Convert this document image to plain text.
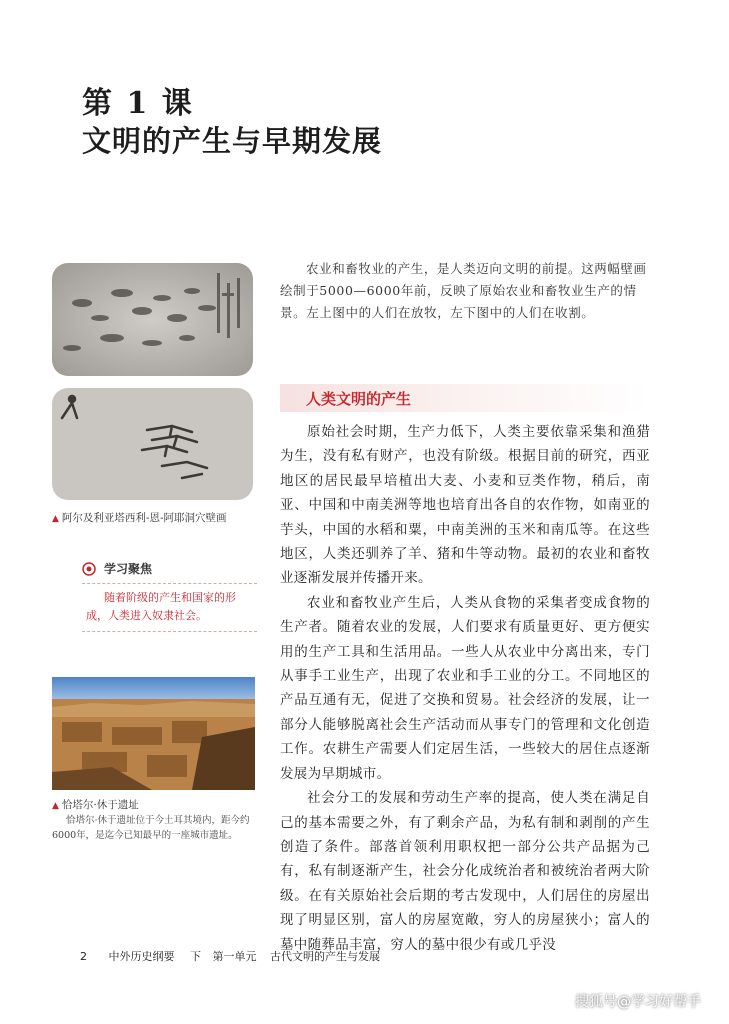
第 1 课
文明的产生与早期发展
▲ 阿尔及利亚塔西利-恩-阿耶洞穴壁画
学习聚焦
随着阶级的产生和国家的形成，人类进入奴隶社会。
▲ 恰塔尔·休于遗址
恰塔尔·休于遗址位于今土耳其境内，距今约6000年，是迄今已知最早的一座城市遗址。
农业和畜牧业的产生，是人类迈向文明的前提。这两幅壁画绘制于5000—6000年前，反映了原始农业和畜牧业生产的情景。左上图中的人们在放牧，左下图中的人们在收割。
人类文明的产生

原始社会时期，生产力低下，人类主要依靠采集和渔猎为生，没有私有财产，也没有阶级。根据目前的研究，西亚地区的居民最早培植出大麦、小麦和豆类作物，稍后，南亚、中国和中南美洲等地也培育出各自的农作物，如南亚的芋头，中国的水稻和粟，中南美洲的玉米和南瓜等。在这些地区，人类还驯养了羊、猪和牛等动物。最初的农业和畜牧业逐渐发展并传播开来。

农业和畜牧业产生后，人类从食物的采集者变成食物的生产者。随着农业的发展，人们要求有质量更好、更方便实用的生产工具和生活用品。一些人从农业中分离出来，专门从事手工业生产，出现了农业和手工业的分工。不同地区的产品互通有无，促进了交换和贸易。社会经济的发展，让一部分人能够脱离社会生产活动而从事专门的管理和文化创造工作。农耕生产需要人们定居生活，一些较大的居住点逐渐发展为早期城市。

社会分工的发展和劳动生产率的提高，使人类在满足自己的基本需要之外，有了剩余产品，为私有制和剥削的产生创造了条件。部落首领利用职权把一部分公共产品据为己有，私有制逐渐产生，社会分化成统治者和被统治者两大阶级。在有关原始社会后期的考古发现中，人们居住的房屋出现了明显区别，富人的房屋宽敞，穷人的房屋狭小；富人的墓中随葬品丰富，穷人的墓中很少有或几乎没

2 中外历史纲要 下 第一单元 古代文明的产生与发展
搜狐号@学习好帮手
